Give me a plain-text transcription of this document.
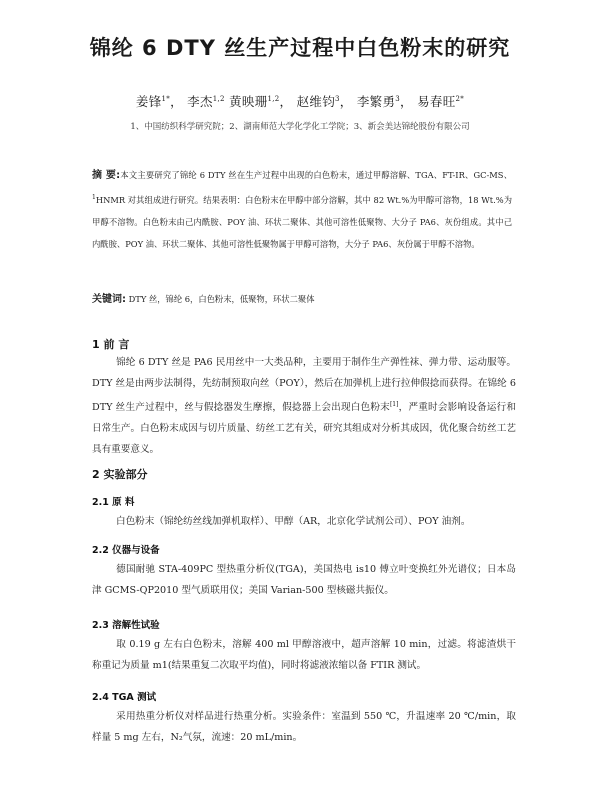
锦纶 6 DTY 丝生产过程中白色粉末的研究
姜锋$^{1*}$， 李杰$^{1,2}$ 黄映珊$^{1,2}$， 赵维钧$^3$， 李繁勇$^3$， 易春旺$^{2*}$
1、中国纺织科学研究院；2、湖南师范大学化学化工学院；3、新会美达锦纶股份有限公司
摘 要:本文主要研究了锦纶 6 DTY 丝在生产过程中出现的白色粉末，通过甲醇溶解、TGA、FT-IR、GC-MS、$^1$HNMR 对其组成进行研究。结果表明：白色粉末在甲醇中部分溶解，其中 82 Wt.%为甲醇可溶物，18 Wt.%为甲醇不溶物。白色粉末由己内酰胺、POY 油、环状二聚体、其他可溶性低聚物、大分子 PA6、灰份组成。其中己内酰胺、POY 油、环状二聚体、其他可溶性低聚物属于甲醇可溶物，大分子 PA6、灰份属于甲醇不溶物。
关键词: DTY 丝，锦纶 6，白色粉末，低聚物，环状二聚体
1 前 言
锦纶 6 DTY 丝是 PA6 民用丝中一大类品种，主要用于制作生产弹性袜、弹力带、运动服等。DTY 丝是由两步法制得，先纺制预取向丝（POY），然后在加弹机上进行拉伸假捻而获得。在锦纶 6 DTY 丝生产过程中，丝与假捻器发生摩擦，假捻器上会出现白色粉末[1]，严重时会影响设备运行和日常生产。白色粉末成因与切片质量、纺丝工艺有关，研究其组成对分析其成因，优化聚合纺丝工艺具有重要意义。
2 实验部分
2.1 原 料
白色粉末（锦纶纺丝线加弹机取样）、甲醇（AR，北京化学试剂公司）、POY 油剂。
2.2 仪器与设备
德国耐驰 STA-409PC 型热重分析仪(TGA)，美国热电 is10 傅立叶变换红外光谱仪；日本岛津 GCMS-QP2010 型气质联用仪；美国 Varian-500 型核磁共振仪。
2.3 溶解性试验
取 0.19 g 左右白色粉末，溶解 400 ml 甲醇溶液中，超声溶解 10 min，过滤。将滤渣烘干称重记为质量 m1(结果重复二次取平均值)，同时将滤液浓缩以备 FTIR 测试。
2.4 TGA 测试
采用热重分析仪对样品进行热重分析。实验条件：室温到 550 ℃，升温速率 20 ℃/min，取样量 5 mg 左右，N₂气氛，流速：20 mL/min。
